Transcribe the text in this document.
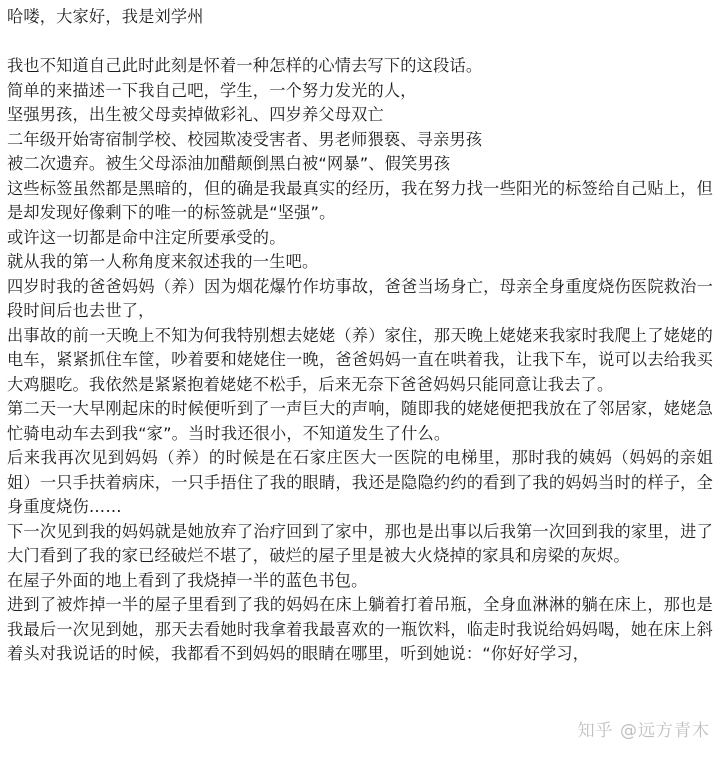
哈喽，大家好，我是刘学州

我也不知道自己此时此刻是怀着一种怎样的心情去写下的这段话。

简单的来描述一下我自己吧，学生，一个努力发光的人，

坚强男孩，出生被父母卖掉做彩礼、四岁养父母双亡

二年级开始寄宿制学校、校园欺凌受害者、男老师猥亵、寻亲男孩

被二次遗弃。被生父母添油加醋颠倒黑白被“网暴”、假笑男孩

这些标签虽然都是黑暗的，但的确是我最真实的经历，我在努力找一些阳光的标签给自己贴上，但是却发现好像剩下的唯一的标签就是“坚强”。

或许这一切都是命中注定所要承受的。

就从我的第一人称角度来叙述我的一生吧。

四岁时我的爸爸妈妈（养）因为烟花爆竹作坊事故，爸爸当场身亡，母亲全身重度烧伤医院救治一段时间后也去世了，

出事故的前一天晚上不知为何我特别想去姥姥（养）家住，那天晚上姥姥来我家时我爬上了姥姥的电车，紧紧抓住车筐，吵着要和姥姥住一晚，爸爸妈妈一直在哄着我，让我下车，说可以去给我买大鸡腿吃。我依然是紧紧抱着姥姥不松手，后来无奈下爸爸妈妈只能同意让我去了。

第二天一大早刚起床的时候便听到了一声巨大的声响，随即我的姥姥便把我放在了邻居家，姥姥急忙骑电动车去到我“家”。当时我还很小，不知道发生了什么。

后来我再次见到妈妈（养）的时候是在石家庄医大一医院的电梯里，那时我的姨妈（妈妈的亲姐姐）一只手扶着病床，一只手捂住了我的眼睛，我还是隐隐约约的看到了我的妈妈当时的样子，全身重度烧伤……

下一次见到我的妈妈就是她放弃了治疗回到了家中，那也是出事以后我第一次回到我的家里，进了大门看到了我的家已经破烂不堪了，破烂的屋子里是被大火烧掉的家具和房梁的灰烬。

在屋子外面的地上看到了我烧掉一半的蓝色书包。

进到了被炸掉一半的屋子里看到了我的妈妈在床上躺着打着吊瓶，全身血淋淋的躺在床上，那也是我最后一次见到她，那天去看她时我拿着我最喜欢的一瓶饮料，临走时我说给妈妈喝，她在床上斜着头对我说话的时候，我都看不到妈妈的眼睛在哪里，听到她说：“你好好学习，

知乎 @远方青木
